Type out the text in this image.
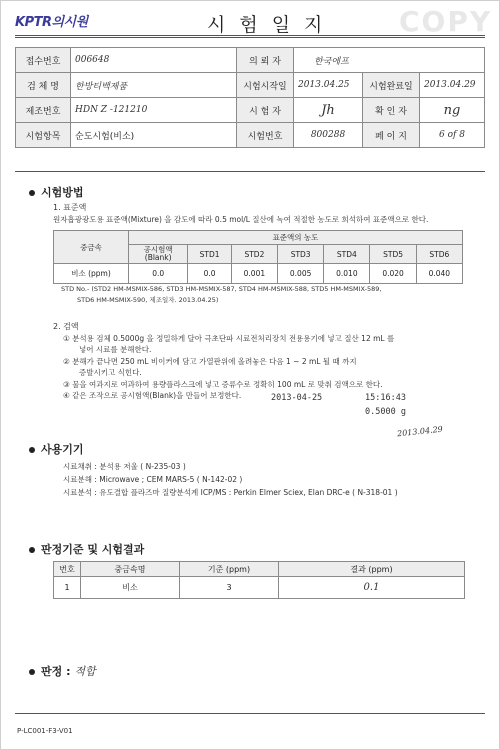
KPTR의시원	시험일지 COPY
접수번호	006648	의 뢰 자	한국에프		
검 체 명	한방티백제품	시험시작일	2013.04.25	시험완료일	2013.04.29
제조번호	HDN Z -121210	시 험 자	Jh	확 인 자	ng
시험항목	순도시험(비소)	시험번호	800288	페 이 지	6 of 8
시험방법
1. 표준액
원자흡광광도용 표준액(Mixture) 을 감도에 따라 0.5 mol/L 질산에 녹여 적절한 농도로 희석하여 표준액으로 한다.
중금속	표준액의 농도						
	공시험액
(Blank)	STD1	STD2	STD3	STD4	STD5	STD6
비소 (ppm)	0.0	0.0	0.001	0.005	0.010	0.020	0.040
STD No.- (STD2 HM-MSMIX-586, STD3 HM-MSMIX-587, STD4 HM-MSMIX-588, STD5 HM-MSMIX-589,
STD6 HM-MSMIX-590, 제조일자. 2013.04.25)
2. 검액
① 분석용 검체 0.5000g 을 정밀하게 달아 극초단파 시료전처리장치 전용용기에 넣고 질산 12 mL 를
넣어 시료를 분해한다.
② 분해가 끝나면 250 mL 비이커에 담고 가열판위에 올려놓은 다음 1 ~ 2 mL 될 때 까지
증발시키고 식힌다.
③ 물을 여과지로 여과하여 용량플라스크에 넣고 증류수로 정확히 100 mL 로 맞춰 검액으로 한다.
④ 같은 조작으로 공시험액(Blank)을 만들어 보정한다.	2013-04-25	15:16:43
0.5000 g
2013.04.29
사용기기
시료채취 : 분석용 저울 ( N-235-03 )
시료분해 : Microwave ; CEM MARS-5 ( N-142-02 )
시료분석 : 유도결합 플라즈마 질량분석계 ICP/MS : Perkin Elmer Sciex, Elan DRC-e ( N-318-01 )
판정기준 및 시험결과
번호	중금속명	기준 (ppm)	결과 (ppm)
1	비소	3	0.1
판정 : 적합
P-LC001-F3-V01
